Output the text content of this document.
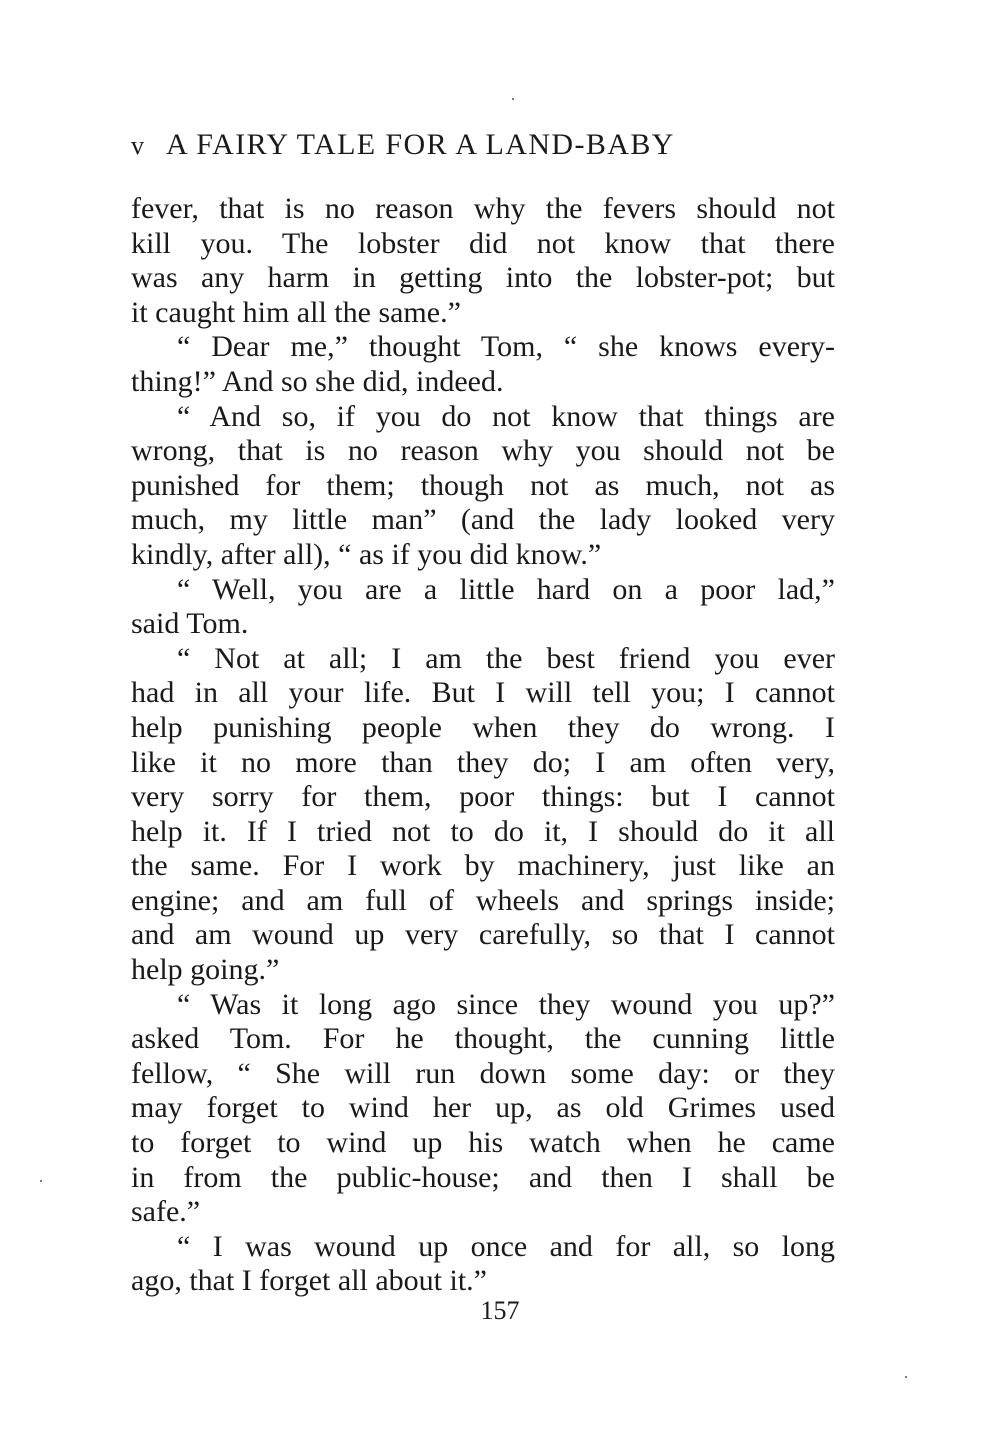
v A FAIRY TALE FOR A LAND-BABY
fever, that is no reason why the fevers should not
kill you. The lobster did not know that there
was any harm in getting into the lobster-pot; but
it caught him all the same.”
“ Dear me,” thought Tom, “ she knows every-
thing!” And so she did, indeed.
“ And so, if you do not know that things are
wrong, that is no reason why you should not be
punished for them; though not as much, not as
much, my little man” (and the lady looked very
kindly, after all), “ as if you did know.”
“ Well, you are a little hard on a poor lad,”
said Tom.
“ Not at all; I am the best friend you ever
had in all your life. But I will tell you; I cannot
help punishing people when they do wrong. I
like it no more than they do; I am often very,
very sorry for them, poor things: but I cannot
help it. If I tried not to do it, I should do it all
the same. For I work by machinery, just like an
engine; and am full of wheels and springs inside;
and am wound up very carefully, so that I cannot
help going.”
“ Was it long ago since they wound you up?”
asked Tom. For he thought, the cunning little
fellow, “ She will run down some day: or they
may forget to wind her up, as old Grimes used
to forget to wind up his watch when he came
in from the public-house; and then I shall be
safe.”
“ I was wound up once and for all, so long
ago, that I forget all about it.”
157
